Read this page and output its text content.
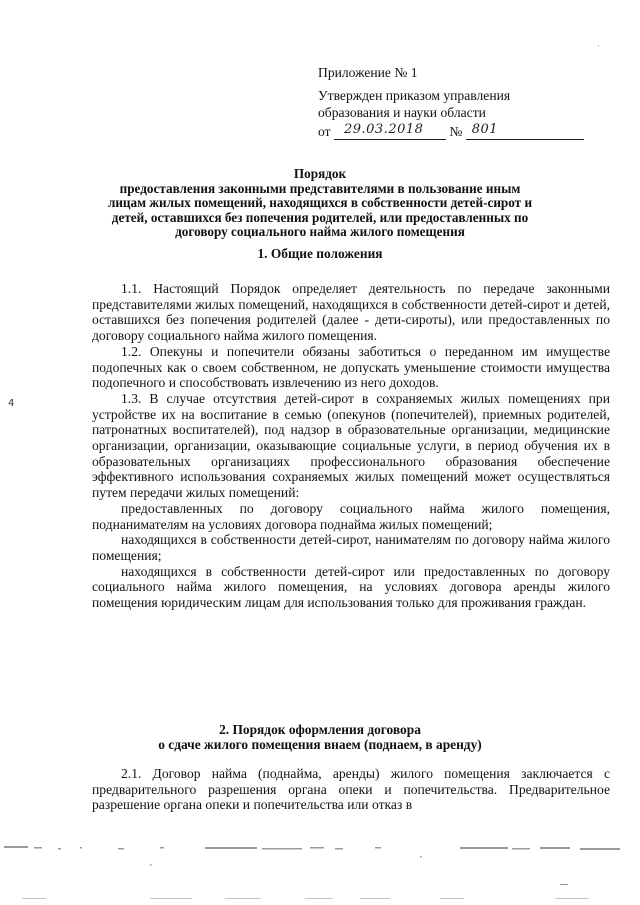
·
Приложение № 1
Утвержден приказом управления
образования и науки области
от 29.03.2018 № 801
Порядок
предоставления законными представителями в пользование иным
лицам жилых помещений, находящихся в собственности детей-сирот и
детей, оставшихся без попечения родителей, или предоставленных по
договору социального найма жилого помещения
1. Общие положения

1.1. Настоящий Порядок определяет деятельность по передаче законными представителями жилых помещений, находящихся в собственности детей-сирот и детей, оставшихся без попечения родителей (далее - дети-сироты), или предоставленных по договору социального найма жилого помещения.

1.2. Опекуны и попечители обязаны заботиться о переданном им имуществе подопечных как о своем собственном, не допускать уменьшение стоимости имущества подопечного и способствовать извлечению из него доходов.

1.3. В случае отсутствия детей-сирот в сохраняемых жилых помещениях при устройстве их на воспитание в семью (опекунов (попечителей), приемных родителей, патронатных воспитателей), под надзор в образовательные организации, медицинские организации, организации, оказывающие социальные услуги, в период обучения их в образовательных организациях профессионального образования обеспечение эффективного использования сохраняемых жилых помещений может осуществляться путем передачи жилых помещений:

предоставленных по договору социального найма жилого помещения, поднанимателям на условиях договора поднайма жилых помещений;

находящихся в собственности детей-сирот, нанимателям по договору найма жилого помещения;

находящихся в собственности детей-сирот или предоставленных по договору социального найма жилого помещения, на условиях договора аренды жилого помещения юридическим лицам для использования только для проживания граждан.

2. Порядок оформления договора
о сдаче жилого помещения внаем (поднаем, в аренду)

2.1. Договор найма (поднайма, аренды) жилого помещения заключается с предварительного разрешения органа опеки и попечительства. Предварительное разрешение органа опеки и попечительства или отказ в

4
